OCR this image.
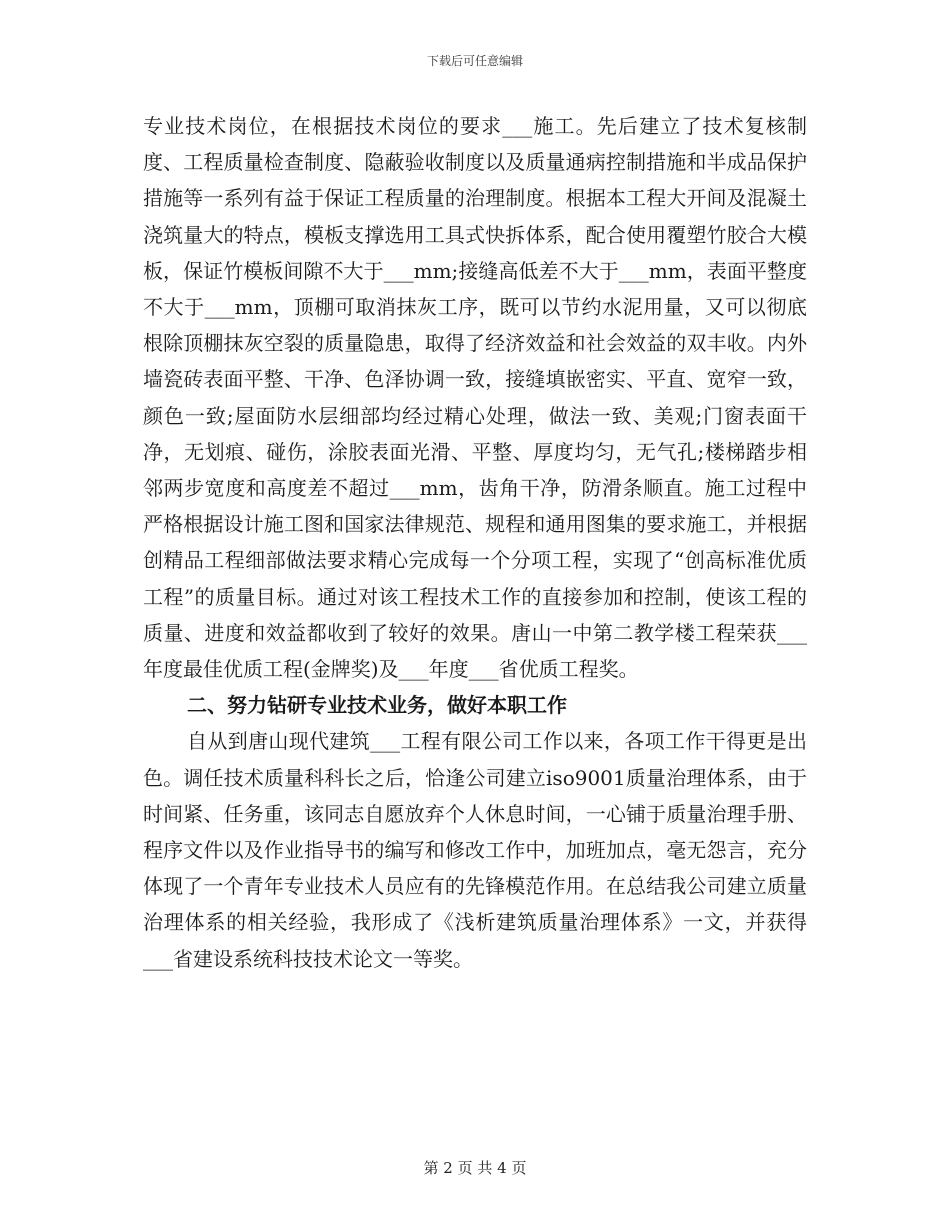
下载后可任意编辑

专业技术岗位，在根据技术岗位的要求___施工。先后建立了技术复核制度、工程质量检查制度、隐蔽验收制度以及质量通病控制措施和半成品保护措施等一系列有益于保证工程质量的治理制度。根据本工程大开间及混凝土浇筑量大的特点，模板支撑选用工具式快拆体系，配合使用覆塑竹胶合大模板，保证竹模板间隙不大于___mm;接缝高低差不大于___mm，表面平整度不大于___mm，顶棚可取消抹灰工序，既可以节约水泥用量，又可以彻底根除顶棚抹灰空裂的质量隐患，取得了经济效益和社会效益的双丰收。内外墙瓷砖表面平整、干净、色泽协调一致，接缝填嵌密实、平直、宽窄一致，颜色一致;屋面防水层细部均经过精心处理，做法一致、美观;门窗表面干净，无划痕、碰伤，涂胶表面光滑、平整、厚度均匀，无气孔;楼梯踏步相邻两步宽度和高度差不超过___mm，齿角干净，防滑条顺直。施工过程中严格根据设计施工图和国家法律规范、规程和通用图集的要求施工，并根据创精品工程细部做法要求精心完成每一个分项工程，实现了“创高标准优质工程”的质量目标。通过对该工程技术工作的直接参加和控制，使该工程的质量、进度和效益都收到了较好的效果。唐山一中第二教学楼工程荣获___年度最佳优质工程(金牌奖)及___年度___省优质工程奖。

二、努力钻研专业技术业务，做好本职工作

自从到唐山现代建筑___工程有限公司工作以来，各项工作干得更是出色。调任技术质量科科长之后，恰逢公司建立iso9001质量治理体系，由于时间紧、任务重，该同志自愿放弃个人休息时间，一心铺于质量治理手册、程序文件以及作业指导书的编写和修改工作中，加班加点，毫无怨言，充分体现了一个青年专业技术人员应有的先锋模范作用。在总结我公司建立质量治理体系的相关经验，我形成了《浅析建筑质量治理体系》一文，并获得___省建设系统科技技术论文一等奖。

第 2 页 共 4 页
